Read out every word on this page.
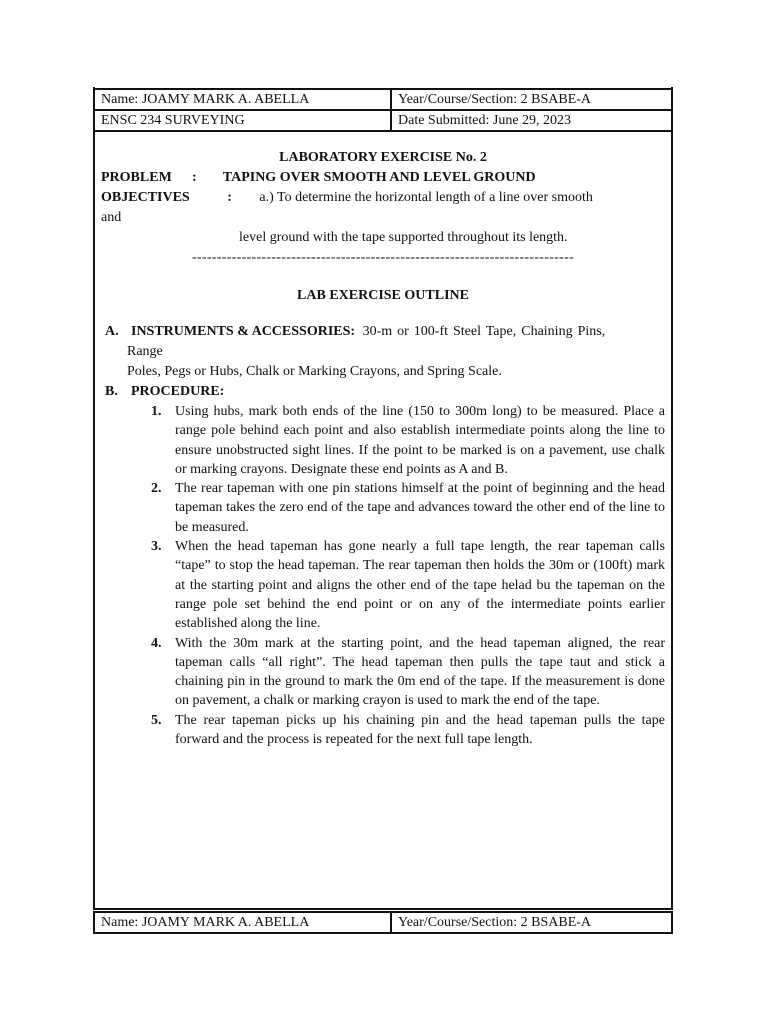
Name: JOAMY MARK A. ABELLA	Year/Course/Section: 2 BSABE-A
ENSC 234 SURVEYING	Date Submitted: June 29, 2023
LABORATORY EXERCISE No. 2
PROBLEM : TAPING OVER SMOOTH AND LEVEL GROUND
OBJECTIVES	: a.) To determine the horizontal length of a line over smooth
and
level ground with the tape supported throughout its length.
-----------------------------------------------------------------------------
LAB EXERCISE OUTLINE
A. INSTRUMENTS & ACCESSORIES: 30-m or 100-ft Steel Tape, Chaining Pins,
Range
Poles, Pegs or Hubs, Chalk or Marking Crayons, and Spring Scale.
B. PROCEDURE:
1. Using hubs, mark both ends of the line (150 to 300m long) to be measured. Place a range pole behind each point and also establish intermediate points along the line to ensure unobstructed sight lines. If the point to be marked is on a pavement, use chalk or marking crayons. Designate these end points as A and B.
2. The rear tapeman with one pin stations himself at the point of beginning and the head tapeman takes the zero end of the tape and advances toward the other end of the line to be measured.
3. When the head tapeman has gone nearly a full tape length, the rear tapeman calls “tape” to stop the head tapeman. The rear tapeman then holds the 30m or (100ft) mark at the starting point and aligns the other end of the tape helad bu the tapeman on the range pole set behind the end point or on any of the intermediate points earlier established along the line.
4. With the 30m mark at the starting point, and the head tapeman aligned, the rear tapeman calls “all right”. The head tapeman then pulls the tape taut and stick a chaining pin in the ground to mark the 0m end of the tape. If the measurement is done on pavement, a chalk or marking crayon is used to mark the end of the tape.
5. The rear tapeman picks up his chaining pin and the head tapeman pulls the tape forward and the process is repeated for the next full tape length.
Name: JOAMY MARK A. ABELLA	Year/Course/Section: 2 BSABE-A
